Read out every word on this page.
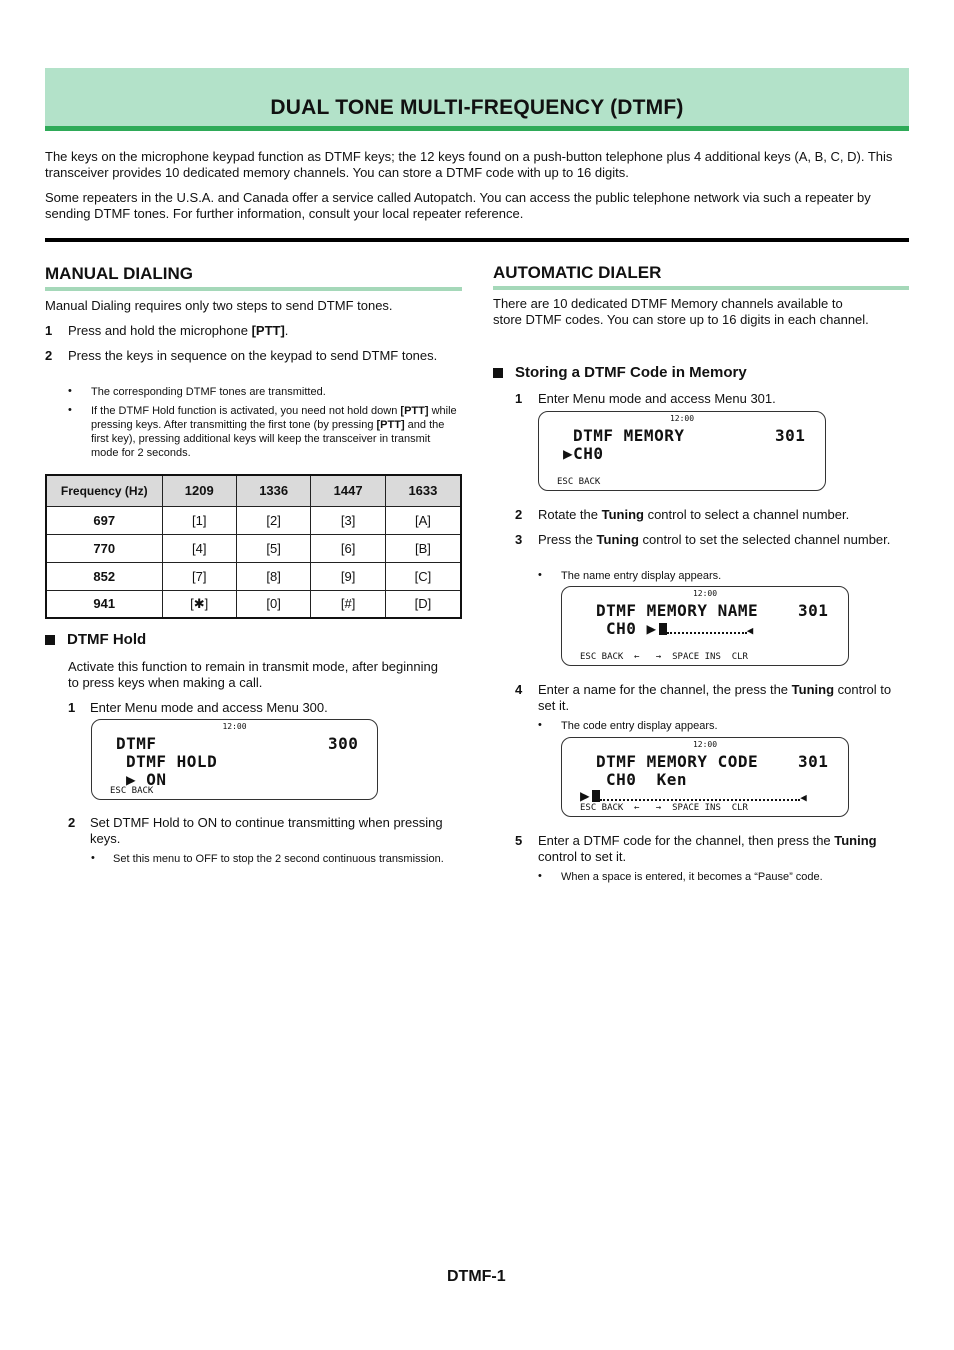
DUAL TONE MULTI-FREQUENCY (DTMF)
The keys on the microphone keypad function as DTMF keys; the 12 keys found on a push-button telephone plus 4 additional keys (A, B, C, D). This transceiver provides 10 dedicated memory channels. You can store a DTMF code with up to 16 digits.
Some repeaters in the U.S.A. and Canada offer a service called Autopatch. You can access the public telephone network via such a repeater by sending DTMF tones. For further information, consult your local repeater reference.
MANUAL DIALING
Manual Dialing requires only two steps to send DTMF tones.
1 Press and hold the microphone [PTT].
2 Press the keys in sequence on the keypad to send DTMF tones.
• The corresponding DTMF tones are transmitted.
• If the DTMF Hold function is activated, you need not hold down [PTT] while pressing keys. After transmitting the first tone (by pressing [PTT] and the first key), pressing additional keys will keep the transceiver in transmit mode for 2 seconds.
Frequency (Hz)	1209	1336	1447	1633
697	[1]	[2]	[3]	[A]
770	[4]	[5]	[6]	[B]
852	[7]	[8]	[9]	[C]
941	[✱]	[0]	[#]	[D]
DTMF Hold
Activate this function to remain in transmit mode, after beginning to press keys when making a call.
1 Enter Menu mode and access Menu 300.
12:00
DTMF	300
DTMF HOLD
▶ ON
ESC BACK
2 Set DTMF Hold to ON to continue transmitting when pressing keys.
• Set this menu to OFF to stop the 2 second continuous transmission.
AUTOMATIC DIALER
There are 10 dedicated DTMF Memory channels available to store DTMF codes. You can store up to 16 digits in each channel.
Storing a DTMF Code in Memory
1 Enter Menu mode and access Menu 301.
12:00
DTMF MEMORY	301
▶CH0
ESC BACK
2 Rotate the Tuning control to select a channel number.
3 Press the Tuning control to set the selected channel number.
• The name entry display appears.
12:00
DTMF MEMORY NAME 301
CH0 ▶	◀
ESC BACK  ←   →  SPACE INS  CLR
4 Enter a name for the channel, the press the Tuning control to set it.
• The code entry display appears.
12:00
DTMF MEMORY CODE 301
CH0  Ken
▶	◀
ESC BACK  ←   →  SPACE INS  CLR
5 Enter a DTMF code for the channel, then press the Tuning control to set it.
• When a space is entered, it becomes a “Pause” code.
DTMF-1
